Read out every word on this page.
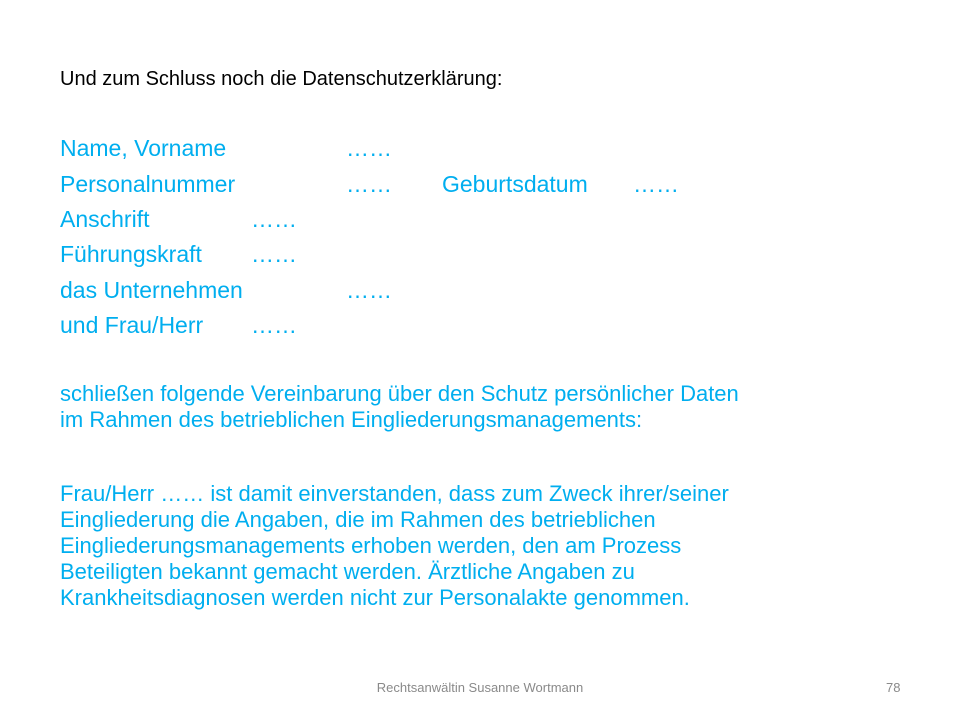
Und zum Schluss noch die Datenschutzerklärung:
Name, Vorname	……
Personalnummer	…… Geburtsdatum ……
Anschrift	……
Führungskraft ……
das Unternehmen	……
und Frau/Herr ……
schließen folgende Vereinbarung über den Schutz persönlicher Daten
im Rahmen des betrieblichen Eingliederungsmanagements:
Frau/Herr …… ist damit einverstanden, dass zum Zweck ihrer/seiner
Eingliederung die Angaben, die im Rahmen des betrieblichen
Eingliederungsmanagements erhoben werden, den am Prozess
Beteiligten bekannt gemacht werden. Ärztliche Angaben zu
Krankheitsdiagnosen werden nicht zur Personalakte genommen.
Rechtsanwältin Susanne Wortmann	78
